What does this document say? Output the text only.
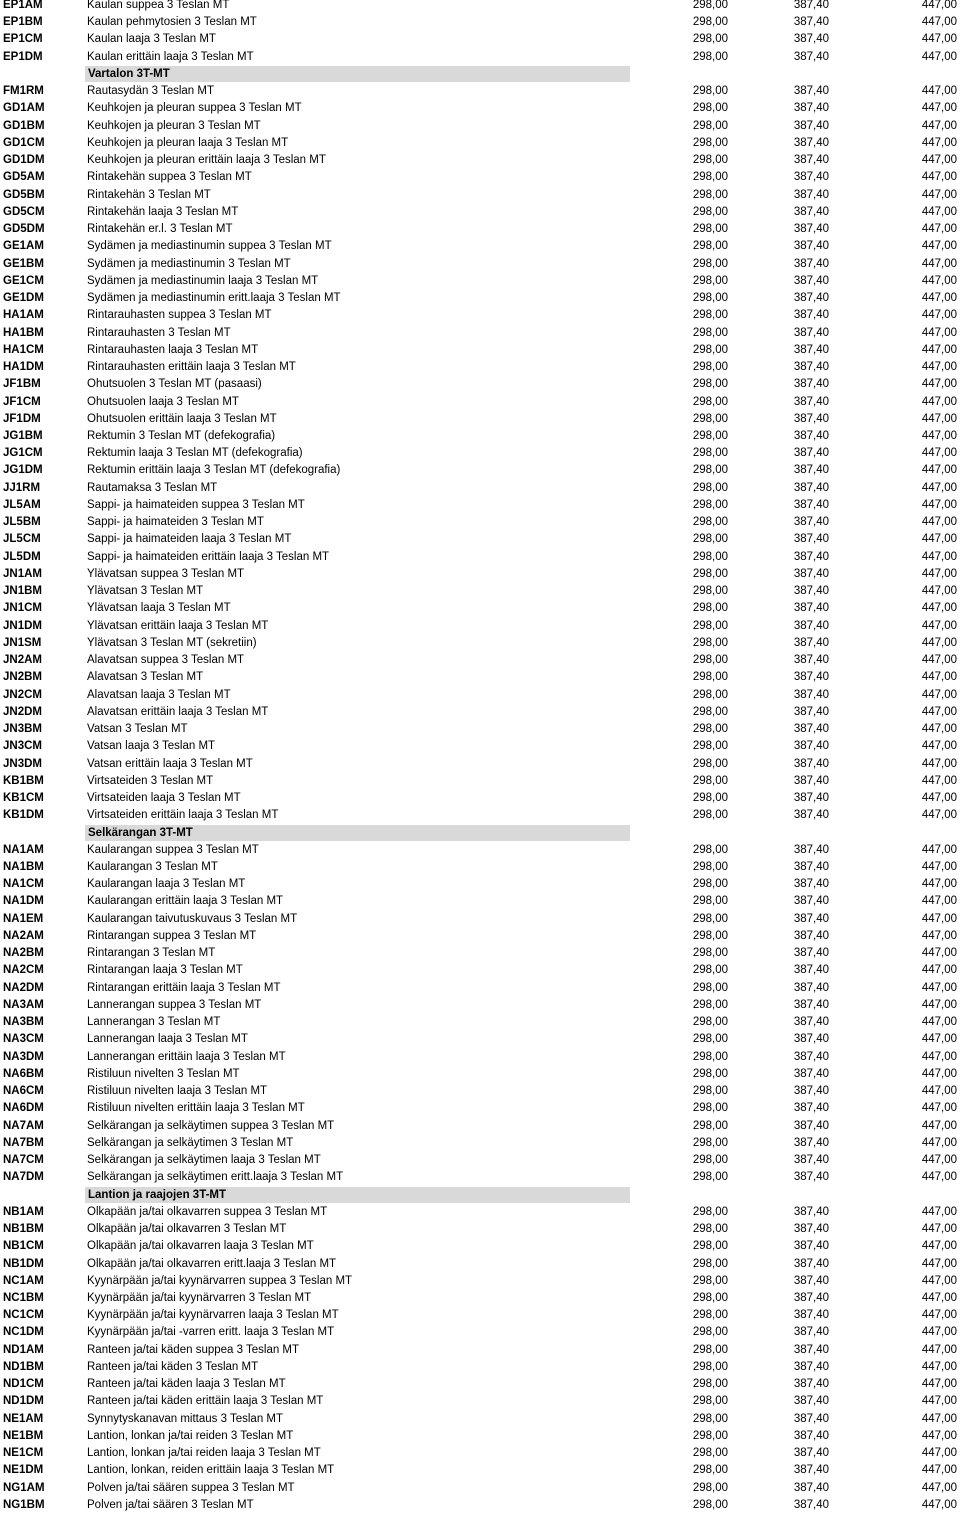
EP1AM	Kaulan suppea 3 Teslan MT	298,00	387,40	447,00
EP1BM	Kaulan pehmytosien 3 Teslan MT	298,00	387,40	447,00
EP1CM	Kaulan laaja 3 Teslan MT	298,00	387,40	447,00
EP1DM	Kaulan erittäin laaja 3 Teslan MT	298,00	387,40	447,00
Vartalon 3T-MT
FM1RM	Rautasydän 3 Teslan MT	298,00	387,40	447,00
GD1AM	Keuhkojen ja pleuran suppea 3 Teslan MT	298,00	387,40	447,00
GD1BM	Keuhkojen ja pleuran 3 Teslan MT	298,00	387,40	447,00
GD1CM	Keuhkojen ja pleuran laaja 3 Teslan MT	298,00	387,40	447,00
GD1DM	Keuhkojen ja pleuran erittäin laaja 3 Teslan MT	298,00	387,40	447,00
GD5AM	Rintakehän suppea 3 Teslan MT	298,00	387,40	447,00
GD5BM	Rintakehän 3 Teslan MT	298,00	387,40	447,00
GD5CM	Rintakehän laaja 3 Teslan MT	298,00	387,40	447,00
GD5DM	Rintakehän er.l. 3 Teslan MT	298,00	387,40	447,00
GE1AM	Sydämen ja mediastinumin suppea 3 Teslan MT	298,00	387,40	447,00
GE1BM	Sydämen ja mediastinumin 3 Teslan MT	298,00	387,40	447,00
GE1CM	Sydämen ja mediastinumin laaja 3 Teslan MT	298,00	387,40	447,00
GE1DM	Sydämen ja mediastinumin eritt.laaja 3 Teslan MT	298,00	387,40	447,00
HA1AM	Rintarauhasten suppea 3 Teslan MT	298,00	387,40	447,00
HA1BM	Rintarauhasten 3 Teslan MT	298,00	387,40	447,00
HA1CM	Rintarauhasten laaja 3 Teslan MT	298,00	387,40	447,00
HA1DM	Rintarauhasten erittäin laaja 3 Teslan MT	298,00	387,40	447,00
JF1BM	Ohutsuolen 3 Teslan MT (pasaasi)	298,00	387,40	447,00
JF1CM	Ohutsuolen laaja 3 Teslan MT	298,00	387,40	447,00
JF1DM	Ohutsuolen erittäin laaja 3 Teslan MT	298,00	387,40	447,00
JG1BM	Rektumin 3 Teslan MT (defekografia)	298,00	387,40	447,00
JG1CM	Rektumin laaja 3 Teslan MT (defekografia)	298,00	387,40	447,00
JG1DM	Rektumin erittäin laaja 3 Teslan MT (defekografia)	298,00	387,40	447,00
JJ1RM	Rautamaksa 3 Teslan MT	298,00	387,40	447,00
JL5AM	Sappi- ja haimateiden suppea 3 Teslan MT	298,00	387,40	447,00
JL5BM	Sappi- ja haimateiden 3 Teslan MT	298,00	387,40	447,00
JL5CM	Sappi- ja haimateiden laaja 3 Teslan MT	298,00	387,40	447,00
JL5DM	Sappi- ja haimateiden erittäin laaja 3 Teslan MT	298,00	387,40	447,00
JN1AM	Ylävatsan suppea 3 Teslan MT	298,00	387,40	447,00
JN1BM	Ylävatsan 3 Teslan MT	298,00	387,40	447,00
JN1CM	Ylävatsan laaja 3 Teslan MT	298,00	387,40	447,00
JN1DM	Ylävatsan erittäin laaja 3 Teslan MT	298,00	387,40	447,00
JN1SM	Ylävatsan 3 Teslan MT (sekretiin)	298,00	387,40	447,00
JN2AM	Alavatsan suppea 3 Teslan MT	298,00	387,40	447,00
JN2BM	Alavatsan 3 Teslan MT	298,00	387,40	447,00
JN2CM	Alavatsan laaja 3 Teslan MT	298,00	387,40	447,00
JN2DM	Alavatsan erittäin laaja 3 Teslan MT	298,00	387,40	447,00
JN3BM	Vatsan 3 Teslan MT	298,00	387,40	447,00
JN3CM	Vatsan laaja 3 Teslan MT	298,00	387,40	447,00
JN3DM	Vatsan erittäin laaja 3 Teslan MT	298,00	387,40	447,00
KB1BM	Virtsateiden 3 Teslan MT	298,00	387,40	447,00
KB1CM	Virtsateiden laaja 3 Teslan MT	298,00	387,40	447,00
KB1DM	Virtsateiden erittäin laaja 3 Teslan MT	298,00	387,40	447,00
Selkärangan 3T-MT
NA1AM	Kaularangan suppea 3 Teslan MT	298,00	387,40	447,00
NA1BM	Kaularangan 3 Teslan MT	298,00	387,40	447,00
NA1CM	Kaularangan laaja 3 Teslan MT	298,00	387,40	447,00
NA1DM	Kaularangan erittäin laaja 3 Teslan MT	298,00	387,40	447,00
NA1EM	Kaularangan taivutuskuvaus 3 Teslan MT	298,00	387,40	447,00
NA2AM	Rintarangan suppea 3 Teslan MT	298,00	387,40	447,00
NA2BM	Rintarangan 3 Teslan MT	298,00	387,40	447,00
NA2CM	Rintarangan laaja 3 Teslan MT	298,00	387,40	447,00
NA2DM	Rintarangan erittäin laaja 3 Teslan MT	298,00	387,40	447,00
NA3AM	Lannerangan suppea 3 Teslan MT	298,00	387,40	447,00
NA3BM	Lannerangan 3 Teslan MT	298,00	387,40	447,00
NA3CM	Lannerangan laaja 3 Teslan MT	298,00	387,40	447,00
NA3DM	Lannerangan erittäin laaja 3 Teslan MT	298,00	387,40	447,00
NA6BM	Ristiluun nivelten 3 Teslan MT	298,00	387,40	447,00
NA6CM	Ristiluun nivelten laaja 3 Teslan MT	298,00	387,40	447,00
NA6DM	Ristiluun nivelten erittäin laaja 3 Teslan MT	298,00	387,40	447,00
NA7AM	Selkärangan ja selkäytimen suppea 3 Teslan MT	298,00	387,40	447,00
NA7BM	Selkärangan ja selkäytimen 3 Teslan MT	298,00	387,40	447,00
NA7CM	Selkärangan ja selkäytimen laaja 3 Teslan MT	298,00	387,40	447,00
NA7DM	Selkärangan ja selkäytimen eritt.laaja 3 Teslan MT	298,00	387,40	447,00
Lantion ja raajojen 3T-MT
NB1AM	Olkapään ja/tai olkavarren suppea 3 Teslan MT	298,00	387,40	447,00
NB1BM	Olkapään ja/tai olkavarren 3 Teslan MT	298,00	387,40	447,00
NB1CM	Olkapään ja/tai olkavarren laaja 3 Teslan MT	298,00	387,40	447,00
NB1DM	Olkapään ja/tai olkavarren eritt.laaja 3 Teslan MT	298,00	387,40	447,00
NC1AM	Kyynärpään ja/tai kyynärvarren suppea 3 Teslan MT	298,00	387,40	447,00
NC1BM	Kyynärpään ja/tai kyynärvarren 3 Teslan MT	298,00	387,40	447,00
NC1CM	Kyynärpään ja/tai kyynärvarren laaja 3 Teslan MT	298,00	387,40	447,00
NC1DM	Kyynärpään ja/tai -varren eritt. laaja 3 Teslan MT	298,00	387,40	447,00
ND1AM	Ranteen ja/tai käden suppea 3 Teslan MT	298,00	387,40	447,00
ND1BM	Ranteen ja/tai käden 3 Teslan MT	298,00	387,40	447,00
ND1CM	Ranteen ja/tai käden laaja 3 Teslan MT	298,00	387,40	447,00
ND1DM	Ranteen ja/tai käden erittäin laaja 3 Teslan MT	298,00	387,40	447,00
NE1AM	Synnytyskanavan mittaus 3 Teslan MT	298,00	387,40	447,00
NE1BM	Lantion, lonkan ja/tai reiden 3 Teslan MT	298,00	387,40	447,00
NE1CM	Lantion, lonkan ja/tai reiden laaja 3 Teslan MT	298,00	387,40	447,00
NE1DM	Lantion, lonkan, reiden erittäin laaja 3 Teslan MT	298,00	387,40	447,00
NG1AM	Polven ja/tai säären suppea 3 Teslan MT	298,00	387,40	447,00
NG1BM	Polven ja/tai säären 3 Teslan MT	298,00	387,40	447,00
